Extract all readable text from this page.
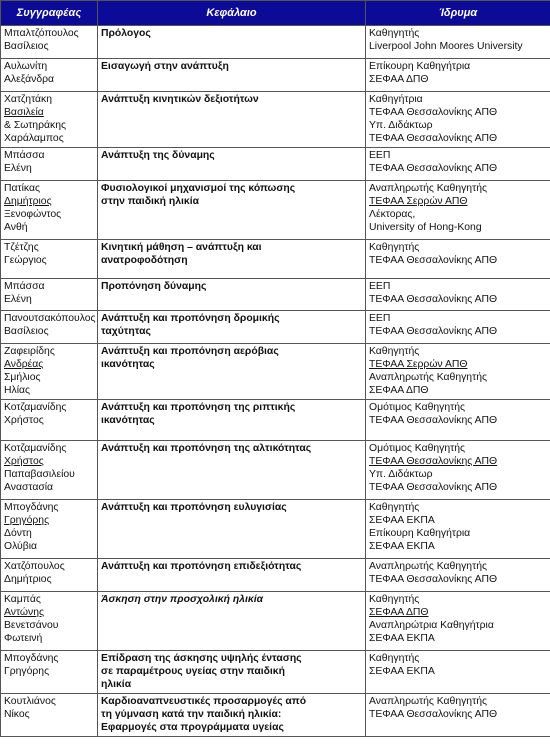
Συγγραφέας	Κεφάλαιο	Ίδρυμα

Μπαλτζόπουλος
Βασίλειος	Πρόλογος	Καθηγητής
Liverpool John Moores University

Αυλωνίτη
Αλεξάνδρα	Εισαγωγή στην ανάπτυξη	Επίκουρη Καθηγήτρια
ΣΕΦΑΑ ΔΠΘ

Χατζητάκη
Βασιλεία
& Σωτηράκης
Χαράλαμπος	Ανάπτυξη κινητικών δεξιοτήτων	Καθηγήτρια
ΤΕΦΑΑ Θεσσαλονίκης ΑΠΘ
Υπ. Διδάκτωρ
ΤΕΦΑΑ Θεσσαλονίκης ΑΠΘ

Μπάσσα
Ελένη	Ανάπτυξη της δύναμης	ΕΕΠ
ΤΕΦΑΑ Θεσσαλονίκης ΑΠΘ

Πατίκας
Δημήτριος
Ξενοφώντος
Ανθή	Φυσιολογικοί μηχανισμοί της κόπωσης
στην παιδική ηλικία	Αναπληρωτής Καθηγητής
ΤΕΦΑΑ Σερρών ΑΠΘ
Λέκτορας,
University of Hong-Kong

Τζέτζης
Γεώργιος	Κινητική μάθηση – ανάπτυξη και
ανατροφοδότηση	Καθηγητής
ΤΕΦΑΑ Θεσσαλονίκης ΑΠΘ

Μπάσσα
Ελένη	Προπόνηση δύναμης	ΕΕΠ
ΤΕΦΑΑ Θεσσαλονίκης ΑΠΘ

Πανουτσακόπουλος
Βασίλειος	Ανάπτυξη και προπόνηση δρομικής
ταχύτητας	ΕΕΠ
ΤΕΦΑΑ Θεσσαλονίκης ΑΠΘ

Ζαφειρίδης
Ανδρέας
Σμήλιος
Ηλίας	Ανάπτυξη και προπόνηση αερόβιας
ικανότητας	Καθηγητής
ΤΕΦΑΑ Σερρών ΑΠΘ
Αναπληρωτής Καθηγητής
ΣΕΦΑΑ ΔΠΘ

Κοτζαμανίδης
Χρήστος	Ανάπτυξη και προπόνηση της ριπτικής
ικανότητας	Ομότιμος Καθηγητής
ΤΕΦΑΑ Θεσσαλονίκης ΑΠΘ

Κοτζαμανίδης
Χρήστος
Παπαβασιλείου
Αναστασία	Ανάπτυξη και προπόνηση της αλτικότητας	Ομότιμος Καθηγητής
ΤΕΦΑΑ Θεσσαλονίκης ΑΠΘ
Υπ. Διδάκτωρ
ΤΕΦΑΑ Θεσσαλονίκης ΑΠΘ

Μπογδάνης
Γρηγόρης
Δόντη
Ολύβια	Ανάπτυξη και προπόνηση ευλυγισίας	Καθηγητής
ΣΕΦΑΑ ΕΚΠΑ
Επίκουρη Καθηγήτρια
ΣΕΦΑΑ ΕΚΠΑ

Χατζόπουλος
Δημήτριος	Ανάπτυξη και προπόνηση επιδεξιότητας	Αναπληρωτής Καθηγητής
ΤΕΦΑΑ Θεσσαλονίκης ΑΠΘ

Καμπάς
Αντώνης
Βενετσάνου
Φωτεινή	Άσκηση στην προσχολική ηλικία	Καθηγητής
ΣΕΦΑΑ ΔΠΘ
Αναπληρώτρια Καθηγήτρια
ΣΕΦΑΑ ΕΚΠΑ

Μπογδάνης
Γρηγόρης	Επίδραση της άσκησης υψηλής έντασης
σε παραμέτρους υγείας στην παιδική
ηλικία	Καθηγητής
ΣΕΦΑΑ ΕΚΠΑ

Κουτλιάνος
Νίκος	Καρδιοαναπνευστικές προσαρμογές από
τη γύμναση κατά την παιδική ηλικία:
Εφαρμογές στα προγράμματα υγείας	Αναπληρωτής Καθηγητής
ΤΕΦΑΑ Θεσσαλονίκης ΑΠΘ
